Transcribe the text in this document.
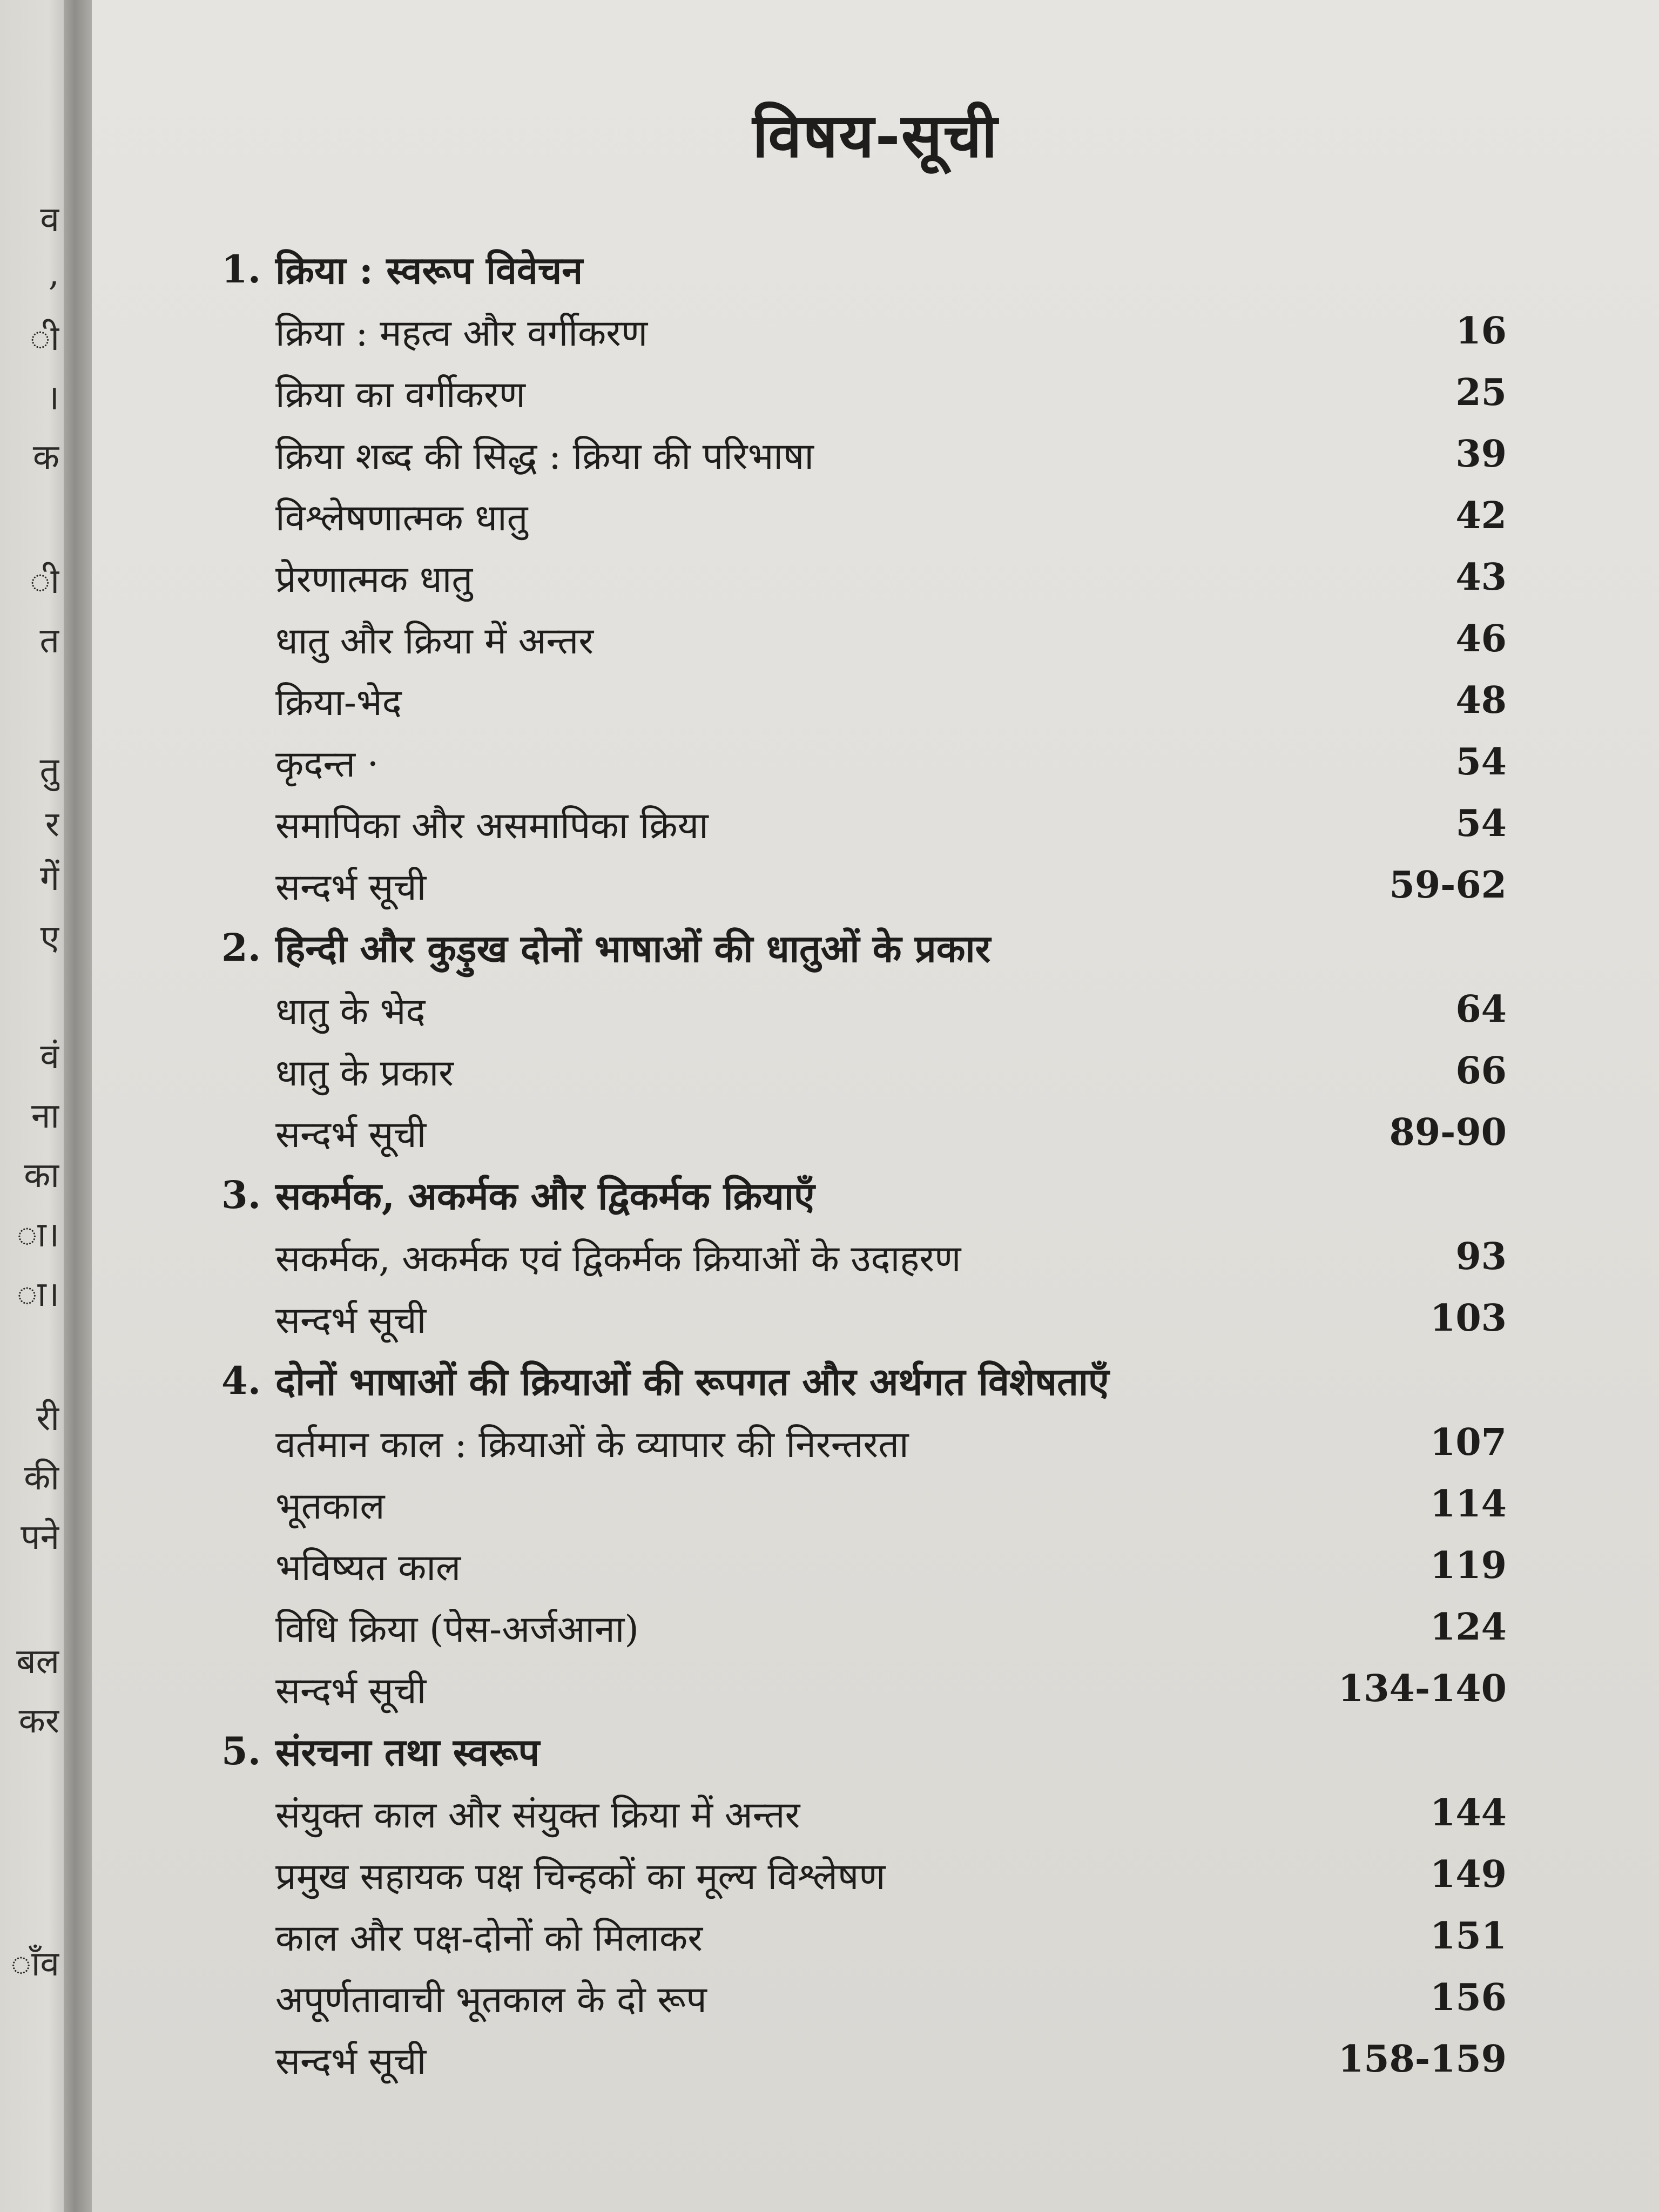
व
,
ी
।
क
ी
त
तु
र
गें
ए
वं
ना
का
ा।
ा।
री
की
पने
बल
कर
ाँव
विषय-सूची
1. क्रिया : स्वरूप विवेचन
क्रिया : महत्व और वर्गीकरण	16
क्रिया का वर्गीकरण	25
क्रिया शब्द की सिद्ध : क्रिया की परिभाषा	39
विश्लेषणात्मक धातु	42
प्रेरणात्मक धातु	43
धातु और क्रिया में अन्तर	46
क्रिया-भेद	48
कृदन्त ·	54
समापिका और असमापिका क्रिया	54
सन्दर्भ सूची	59-62
2. हिन्दी और कुड़ुख दोनों भाषाओं की धातुओं के प्रकार
धातु के भेद	64
धातु के प्रकार	66
सन्दर्भ सूची	89-90
3. सकर्मक, अकर्मक और द्विकर्मक क्रियाएँ
सकर्मक, अकर्मक एवं द्विकर्मक क्रियाओं के उदाहरण	93
सन्दर्भ सूची	103
4. दोनों भाषाओं की क्रियाओं की रूपगत और अर्थगत विशेषताएँ
वर्तमान काल : क्रियाओं के व्यापार की निरन्तरता	107
भूतकाल	114
भविष्यत काल	119
विधि क्रिया (पेस-अर्जआना)	124
सन्दर्भ सूची	134-140
5. संरचना तथा स्वरूप
संयुक्त काल और संयुक्त क्रिया में अन्तर	144
प्रमुख सहायक पक्ष चिन्हकों का मूल्य विश्लेषण	149
काल और पक्ष-दोनों को मिलाकर	151
अपूर्णतावाची भूतकाल के दो रूप	156
सन्दर्भ सूची	158-159
